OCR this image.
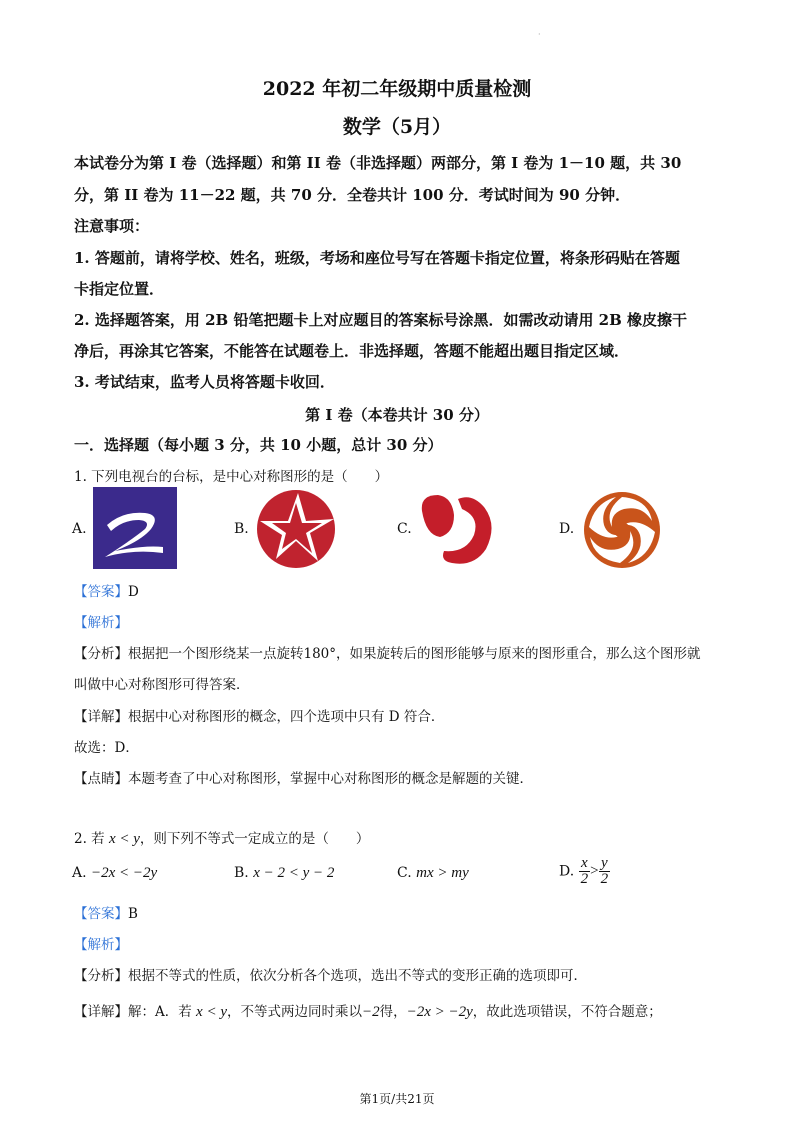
·
2022 年初二年级期中质量检测
数学（5月）
本试卷分为第 I 卷（选择题）和第 II 卷（非选择题）两部分，第 I 卷为 1－10 题，共 30
分，第 II 卷为 11－22 题，共 70 分．全卷共计 100 分．考试时间为 90 分钟．
注意事项：
1. 答题前，请将学校、姓名，班级，考场和座位号写在答题卡指定位置，将条形码贴在答题
卡指定位置．
2. 选择题答案，用 2B 铅笔把题卡上对应题目的答案标号涂黑．如需改动请用 2B 橡皮擦干
净后，再涂其它答案，不能答在试题卷上．非选择题，答题不能超出题目指定区域．
3. 考试结束，监考人员将答题卡收回．
第 I 卷（本卷共计 30 分）
一．选择题（每小题 3 分，共 10 小题，总计 30 分）
1. 下列电视台的台标，是中心对称图形的是（　　）
A.	B.	C.	D.
【答案】D
【解析】
【分析】根据把一个图形绕某一点旋转180°，如果旋转后的图形能够与原来的图形重合，那么这个图形就
叫做中心对称图形可得答案．
【详解】根据中心对称图形的概念，四个选项中只有 D 符合．
故选：D．
【点睛】本题考查了中心对称图形，掌握中心对称图形的概念是解题的关键．
2. 若 x < y，则下列不等式一定成立的是（　　）
A. −2x < −2y	B. x − 2 < y − 2	C. mx > my	D. $\frac{x}{2} > \frac{y}{2}$
【答案】B
【解析】
【分析】根据不等式的性质，依次分析各个选项，选出不等式的变形正确的选项即可．
【详解】解：A．若 x < y，不等式两边同时乘以−2得，−2x > −2y，故此选项错误，不符合题意；
第1页/共21页
